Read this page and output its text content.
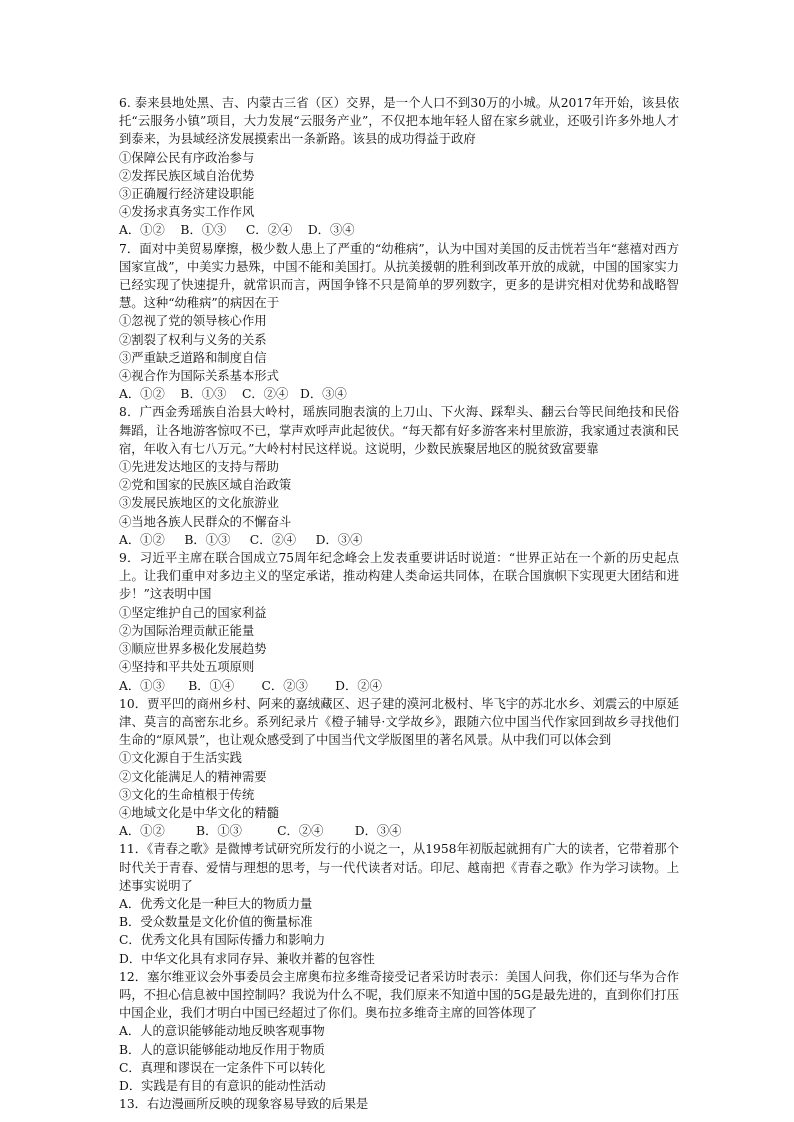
6. 泰来县地处黑、吉、内蒙古三省（区）交界，是一个人口不到30万的小城。从2017年开始，该县依托“云服务小镇”项目，大力发展“云服务产业”，不仅把本地年轻人留在家乡就业，还吸引许多外地人才到泰来，为县域经济发展摸索出一条新路。该县的成功得益于政府

①保障公民有序政治参与

②发挥民族区域自治优势

③正确履行经济建设职能

④发扬求真务实工作作风

A．①②    B．①③     C．②④    D．③④

7．面对中美贸易摩擦，极少数人患上了严重的“幼稚病”，认为中国对美国的反击恍若当年“慈禧对西方国家宣战”，中美实力悬殊，中国不能和美国打。从抗美援朝的胜利到改革开放的成就，中国的国家实力已经实现了快速提升，就常识而言，两国争锋不只是简单的罗列数字，更多的是讲究相对优势和战略智慧。这种“幼稚病”的病因在于

①忽视了党的领导核心作用

②割裂了权利与义务的关系

③严重缺乏道路和制度自信

④视合作为国际关系基本形式

A．①②    B．①③    C．②④   D．③④

8．广西金秀瑶族自治县大岭村，瑶族同胞表演的上刀山、下火海、踩犁头、翻云台等民间绝技和民俗舞蹈，让各地游客惊叹不已，掌声欢呼声此起彼伏。“每天都有好多游客来村里旅游，我家通过表演和民宿，年收入有七八万元。”大岭村村民这样说。这说明，少数民族聚居地区的脱贫致富要靠

①先进发达地区的支持与帮助

②党和国家的民族区域自治政策

③发展民族地区的文化旅游业

④当地各族人民群众的不懈奋斗

A．①②     B．①③     C．②④     D．③④

9．习近平主席在联合国成立75周年纪念峰会上发表重要讲话时说道：“世界正站在一个新的历史起点上。让我们重申对多边主义的坚定承诺，推动构建人类命运共同体，在联合国旗帜下实现更大团结和进步！”这表明中国

①坚定维护自己的国家利益

②为国际治理贡献正能量

③顺应世界多极化发展趋势

④坚持和平共处五项原则

A．①③      B．①④       C．②③       D．②④

10．贾平凹的商州乡村、阿来的嘉绒藏区、迟子建的漠河北极村、毕飞宇的苏北水乡、刘震云的中原延津、莫言的高密东北乡。系列纪录片《橙子辅导·文学故乡》，跟随六位中国当代作家回到故乡寻找他们生命的“原风景”，也让观众感受到了中国当代文学版图里的著名风景。从中我们可以体会到

①文化源自于生活实践

②文化能满足人的精神需要

③文化的生命植根于传统

④地域文化是中华文化的精髓

A．①②        B．①③         C．②④        D．③④

11．《青春之歌》是微博考试研究所发行的小说之一，从1958年初版起就拥有广大的读者，它带着那个时代关于青春、爱情与理想的思考，与一代代读者对话。印尼、越南把《青春之歌》作为学习读物。上述事实说明了

A．优秀文化是一种巨大的物质力量

B．受众数量是文化价值的衡量标准

C．优秀文化具有国际传播力和影响力

D．中华文化具有求同存异、兼收并蓄的包容性

12．塞尔维亚议会外事委员会主席奥布拉多维奇接受记者采访时表示：美国人问我，你们还与华为合作吗，不担心信息被中国控制吗？我说为什么不呢，我们原来不知道中国的5G是最先进的，直到你们打压中国企业，我们才明白中国已经超过了你们。奥布拉多维奇主席的回答体现了

A．人的意识能够能动地反映客观事物

B．人的意识能够能动地反作用于物质

C．真理和谬误在一定条件下可以转化

D．实践是有目的有意识的能动性活动

13．右边漫画所反映的现象容易导致的后果是
